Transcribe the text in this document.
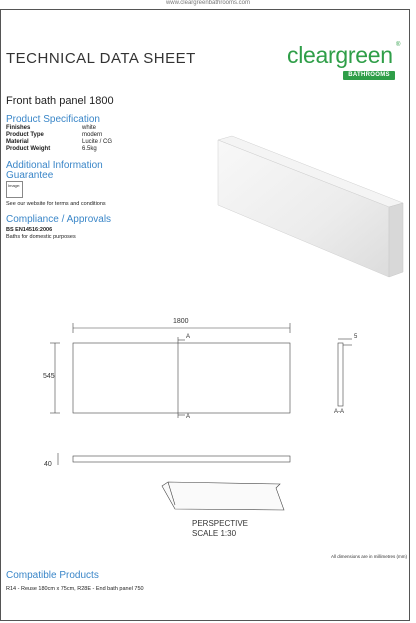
www.cleargreenbathrooms.com
TECHNICAL DATA SHEET	cleargreen ®
BATHROOMS
Front bath panel 1800
Product Specification
Finishes	white
Product Type	modern
Material	Lucite / CG
Product Weight	6.5kg
Additional Information
Guarantee
Image:
See our website for terms and conditions
Compliance / Approvals
BS EN14516:2006
Baths for domestic purposes
1800
545
A
A
5
A-A
40
PERSPECTIVE
SCALE 1:30
All dimensions are in millimetres (mm)
Compatible Products
R14 - Reuse 180cm x 75cm, R28E - End bath panel 750
